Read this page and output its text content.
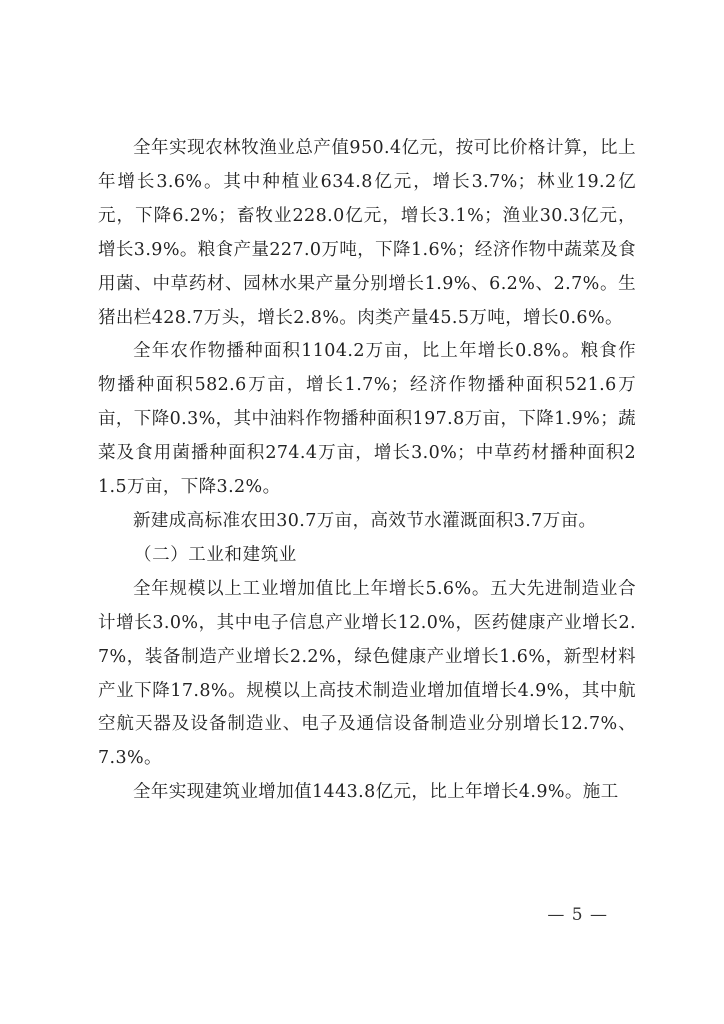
全年实现农林牧渔业总产值950.4亿元，按可比价格计算，比上年增长3.6%。其中种植业634.8亿元，增长3.7%；林业19.2亿元，下降6.2%；畜牧业228.0亿元，增长3.1%；渔业30.3亿元，增长3.9%。粮食产量227.0万吨，下降1.6%；经济作物中蔬菜及食用菌、中草药材、园林水果产量分别增长1.9%、6.2%、2.7%。生猪出栏428.7万头，增长2.8%。肉类产量45.5万吨，增长0.6%。

全年农作物播种面积1104.2万亩，比上年增长0.8%。粮食作物播种面积582.6万亩，增长1.7%；经济作物播种面积521.6万亩，下降0.3%，其中油料作物播种面积197.8万亩，下降1.9%；蔬菜及食用菌播种面积274.4万亩，增长3.0%；中草药材播种面积21.5万亩，下降3.2%。

新建成高标准农田30.7万亩，高效节水灌溉面积3.7万亩。

（二）工业和建筑业

全年规模以上工业增加值比上年增长5.6%。五大先进制造业合计增长3.0%，其中电子信息产业增长12.0%，医药健康产业增长2.7%，装备制造产业增长2.2%，绿色健康产业增长1.6%，新型材料产业下降17.8%。规模以上高技术制造业增加值增长4.9%，其中航空航天器及设备制造业、电子及通信设备制造业分别增长12.7%、7.3%。

全年实现建筑业增加值1443.8亿元，比上年增长4.9%。施工

— 5 —
